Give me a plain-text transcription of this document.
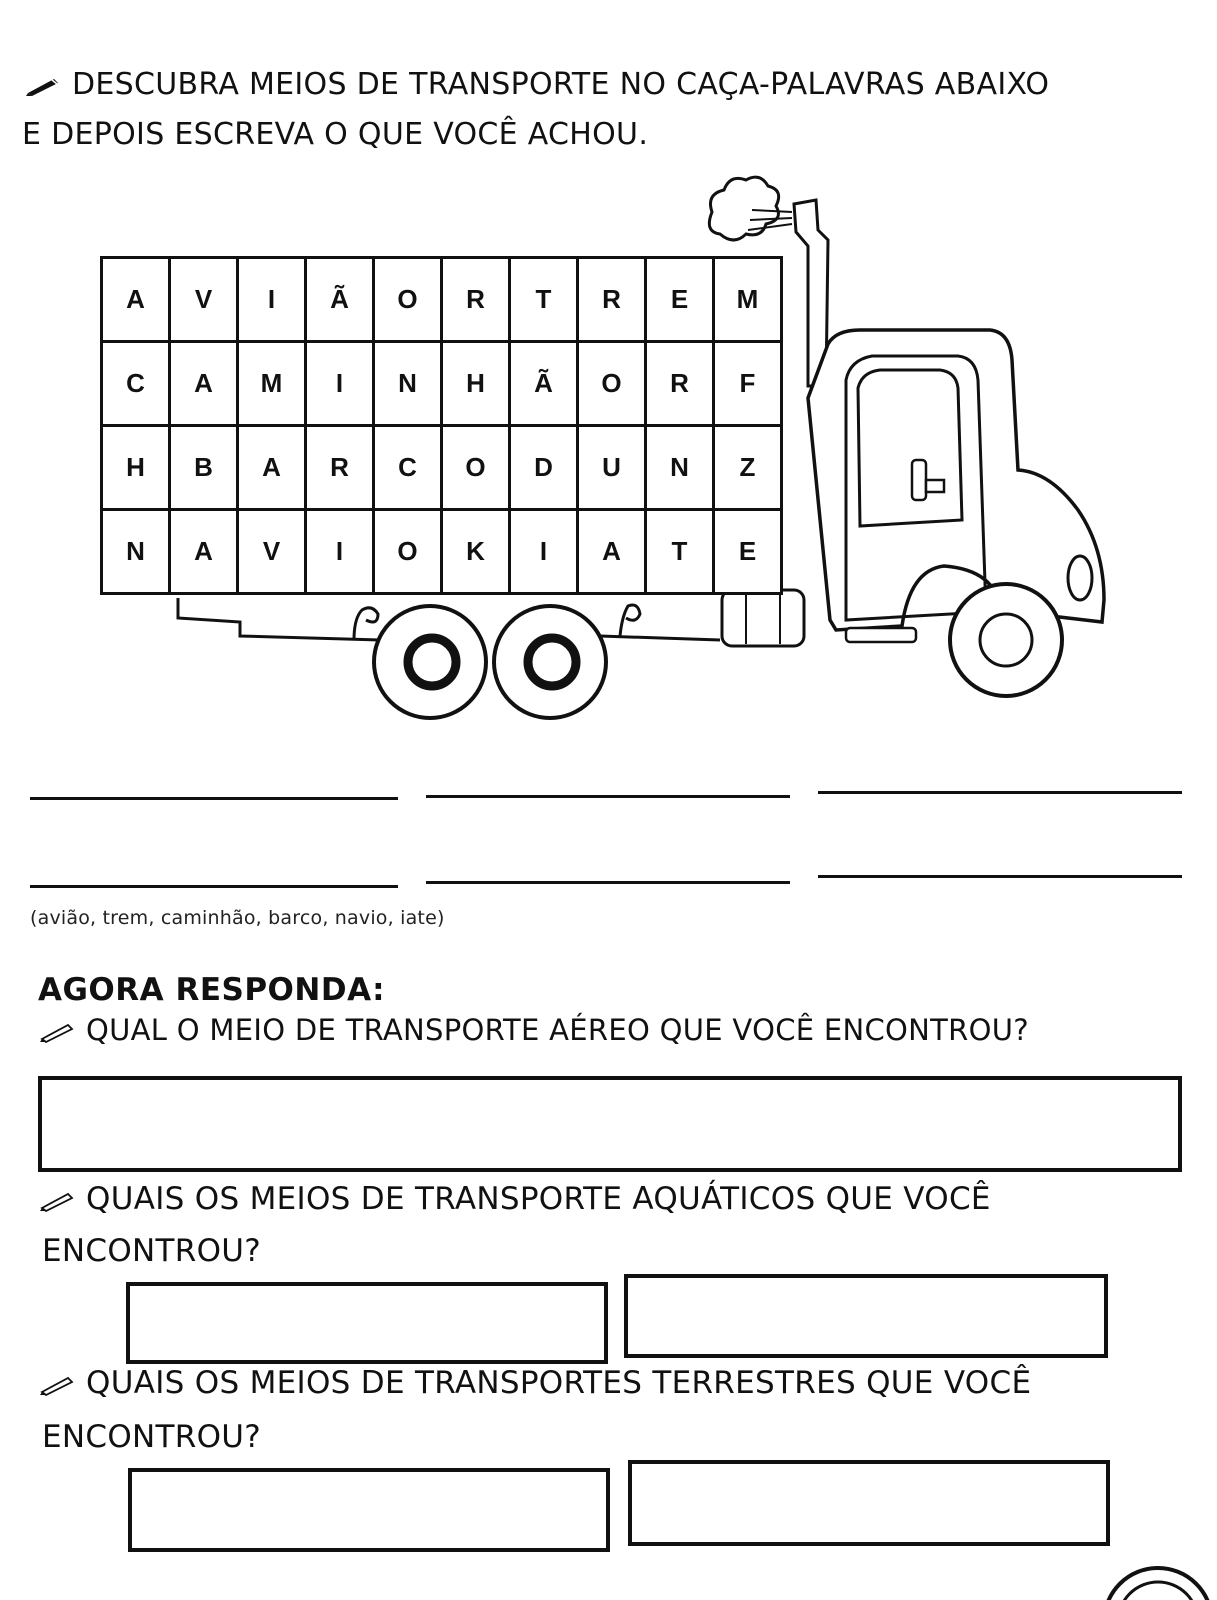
DESCUBRA MEIOS DE TRANSPORTE NO CAÇA-PALAVRAS ABAIXO
E DEPOIS ESCREVA O QUE VOCÊ ACHOU.
A	V	I	Ã	O	R	T	R	E	M
C	A	M	I	N	H	Ã	O	R	F
H	B	A	R	C	O	D	U	N	Z
N	A	V	I	O	K	I	A	T	E
(avião, trem, caminhão, barco, navio, iate)
AGORA RESPONDA:
QUAL O MEIO DE TRANSPORTE AÉREO QUE VOCÊ ENCONTROU?
QUAIS OS MEIOS DE TRANSPORTE AQUÁTICOS QUE VOCÊ
ENCONTROU?
QUAIS OS MEIOS DE TRANSPORTES TERRESTRES QUE VOCÊ
ENCONTROU?
